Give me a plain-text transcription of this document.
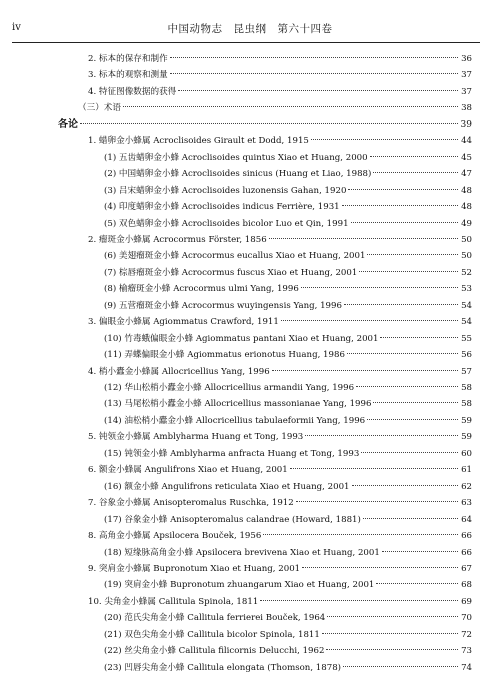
iv	中国动物志　昆虫纲　第六十四卷
2. 标本的保存和制作	36
3. 标本的观察和测量	37
4. 特征图像数据的获得	37
（三）术语	38
各论	39
1. 蜡卵金小蜂属 Acroclisoides Girault et Dodd, 1915	44
(1) 五齿蜡卵金小蜂 Acroclisoides quintus Xiao et Huang, 2000	45
(2) 中国蜡卵金小蜂 Acroclisoides sinicus (Huang et Liao, 1988)	47
(3) 吕宋蜡卵金小蜂 Acroclisoides luzonensis Gahan, 1920	48
(4) 印度蜡卵金小蜂 Acroclisoides indicus Ferrière, 1931	48
(5) 双色蜡卵金小蜂 Acroclisoides bicolor Luo et Qin, 1991	49
2. 瘤斑金小蜂属 Acrocormus Förster, 1856	50
(6) 美翅瘤斑金小蜂 Acrocormus eucallus Xiao et Huang, 2001	50
(7) 棕唇瘤斑金小蜂 Acrocormus fuscus Xiao et Huang, 2001	52
(8) 榆瘤斑金小蜂 Acrocormus ulmi Yang, 1996	53
(9) 五营瘤斑金小蜂 Acrocormus wuyingensis Yang, 1996	54
3. 偏眼金小蜂属 Agiommatus Crawford, 1911	54
(10) 竹毒蛾偏眼金小蜂 Agiommatus pantani Xiao et Huang, 2001	55
(11) 弄蝶偏眼金小蜂 Agiommatus erionotus Huang, 1986	56
4. 梢小蠹金小蜂属 Allocricellius Yang, 1996	57
(12) 华山松梢小蠹金小蜂 Allocricellius armandii Yang, 1996	58
(13) 马尾松梢小蠹金小蜂 Allocricellius massonianae Yang, 1996	58
(14) 油松梢小蠹金小蜂 Allocricellius tabulaeformii Yang, 1996	59
5. 钝领金小蜂属 Amblyharma Huang et Tong, 1993	59
(15) 钝领金小蜂 Amblyharma anfracta Huang et Tong, 1993	60
6. 额金小蜂属 Angulifrons Xiao et Huang, 2001	61
(16) 额金小蜂 Angulifrons reticulata Xiao et Huang, 2001	62
7. 谷象金小蜂属 Anisopteromalus Ruschka, 1912	63
(17) 谷象金小蜂 Anisopteromalus calandrae (Howard, 1881)	64
8. 高角金小蜂属 Apsilocera Bouček, 1956	66
(18) 短缘脉高角金小蜂 Apsilocera brevivena Xiao et Huang, 2001	66
9. 突肩金小蜂属 Bupronotum Xiao et Huang, 2001	67
(19) 突肩金小蜂 Bupronotum zhuangarum Xiao et Huang, 2001	68
10. 尖角金小蜂属 Callitula Spinola, 1811	69
(20) 范氏尖角金小蜂 Callitula ferrierei Bouček, 1964	70
(21) 双色尖角金小蜂 Callitula bicolor Spinola, 1811	72
(22) 丝尖角金小蜂 Callitula filicornis Delucchi, 1962	73
(23) 凹唇尖角金小蜂 Callitula elongata (Thomson, 1878)	74
